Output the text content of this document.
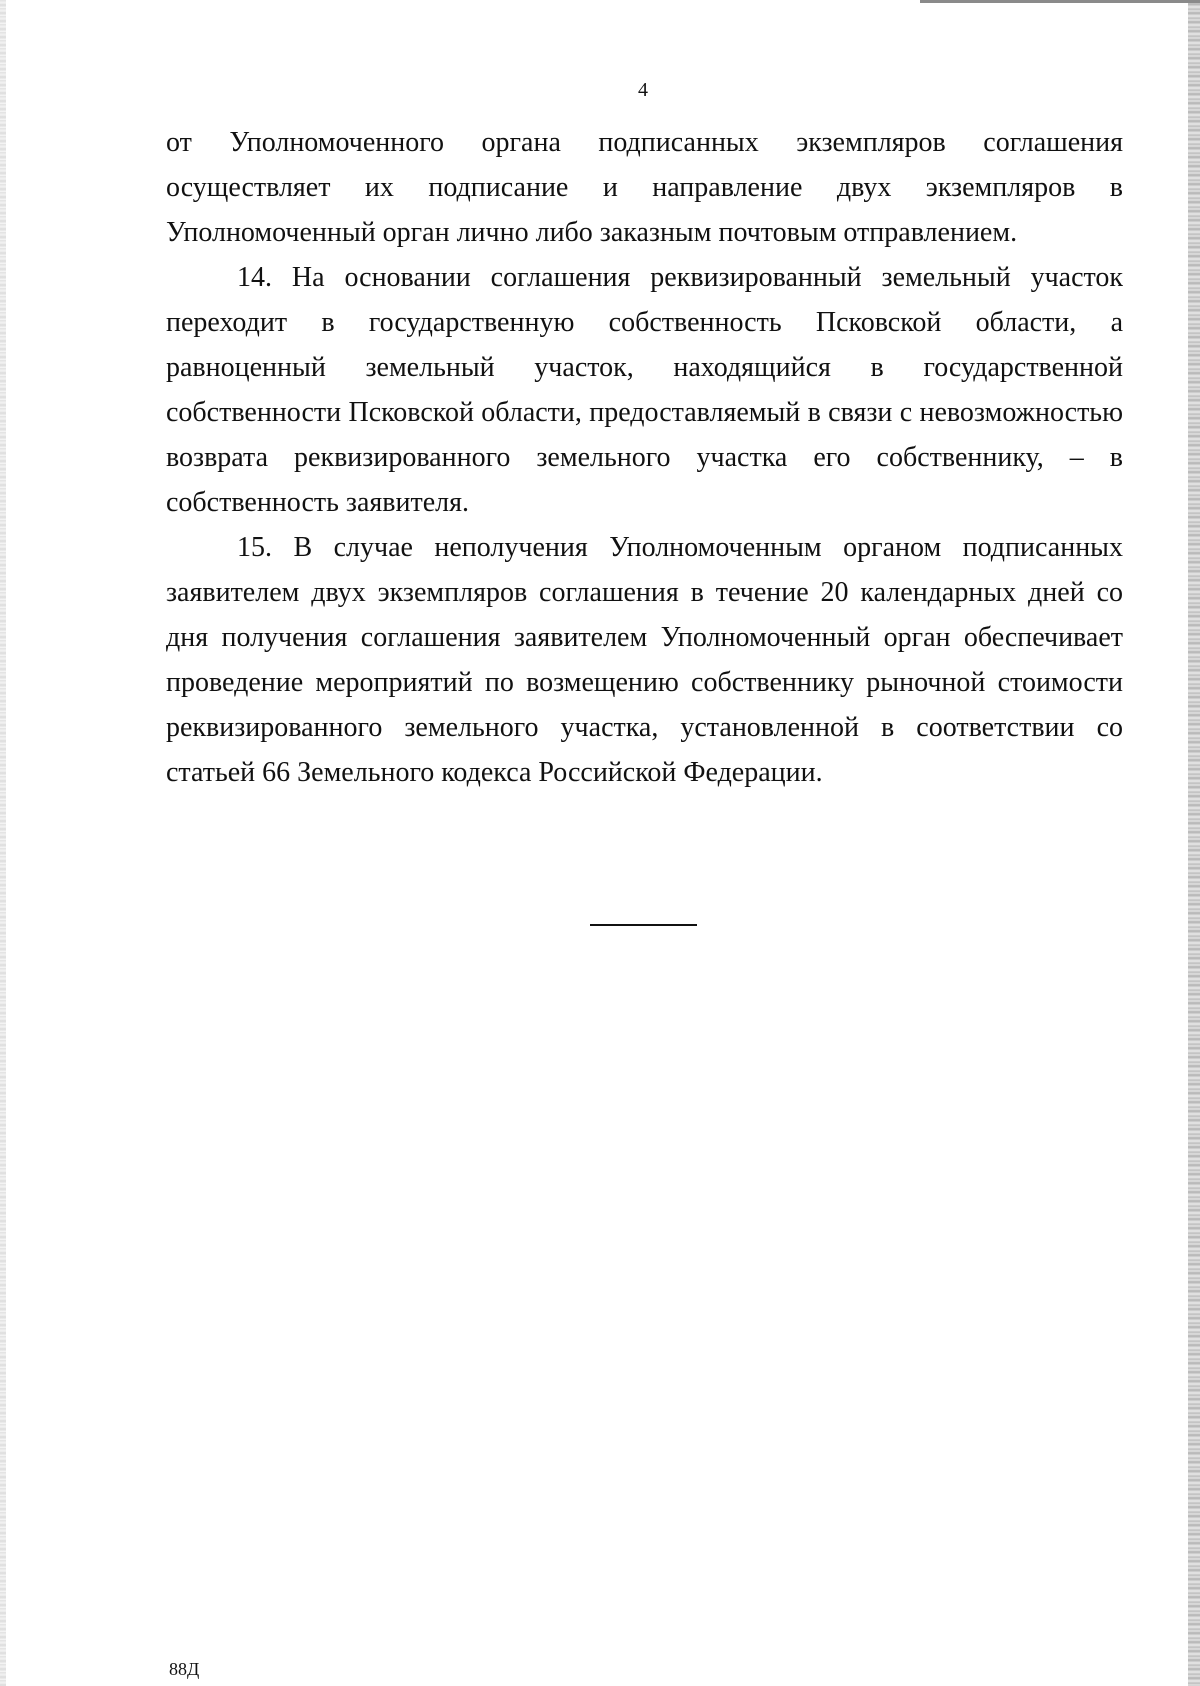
4

от Уполномоченного органа подписанных экземпляров соглашения осуществляет их подписание и направление двух экземпляров в Уполномоченный орган лично либо заказным почтовым отправлением.

14. На основании соглашения реквизированный земельный участок переходит в государственную собственность Псковской области, а равноценный земельный участок, находящийся в государственной собственности Псковской области, предоставляемый в связи с невозможностью возврата реквизированного земельного участка его собственнику, – в собственность заявителя.

15. В случае неполучения Уполномоченным органом подписанных заявителем двух экземпляров соглашения в течение 20 календарных дней со дня получения соглашения заявителем Уполномоченный орган обеспечивает проведение мероприятий по возмещению собственнику рыночной стоимости реквизированного земельного участка, установленной в соответствии со статьей 66 Земельного кодекса Российской Федерации.

88Д
